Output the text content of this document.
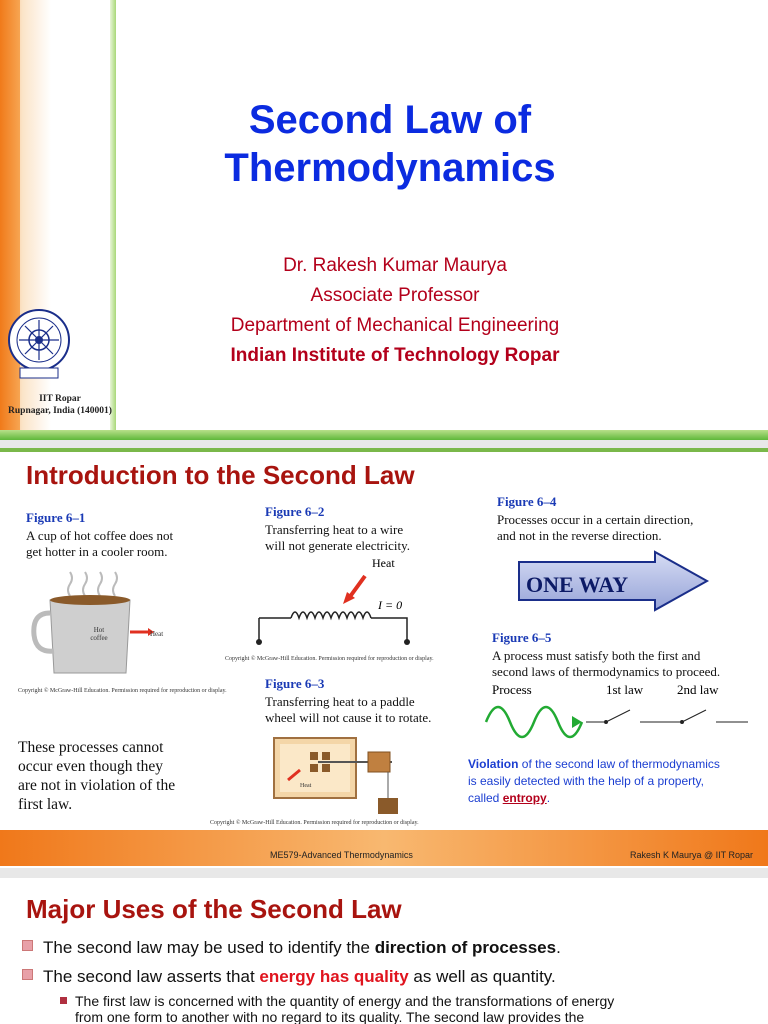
Second Law of
Thermodynamics
Dr. Rakesh Kumar Maurya
Associate Professor
Department of Mechanical Engineering
Indian Institute of Technology Ropar
IIT Ropar
Rupnagar, India (140001)
Introduction to the Second Law
Figure 6–1
A cup of hot coffee does not
get hotter in a cooler room.
Hot
coffee	Heat
Copyright © McGraw-Hill Education. Permission required for reproduction or display.
Figure 6–2
Transferring heat to a wire
will not generate electricity.
Heat
I = 0
Copyright © McGraw-Hill Education. Permission required for reproduction or display.
Figure 6–3
Transferring heat to a paddle
wheel will not cause it to rotate.
Heat
Copyright © McGraw-Hill Education. Permission required for reproduction or display.
Figure 6–4
Processes occur in a certain direction,
and not in the reverse direction.
ONE WAY
Figure 6–5
A process must satisfy both the first and
second laws of thermodynamics to proceed.
Process	1st law	2nd law
These processes cannot
occur even though they
are not in violation of the
first law.
Violation of the second law of thermodynamics
is easily detected with the help of a property,
called entropy.
ME579-Advanced Thermodynamics	Rakesh K Maurya @ IIT Ropar
Major Uses of the Second Law
The second law may be used to identify the direction of processes.
The second law asserts that energy has quality as well as quantity.
The first law is concerned with the quantity of energy and the transformations of energy
from one form to another with no regard to its quality. The second law provides the
